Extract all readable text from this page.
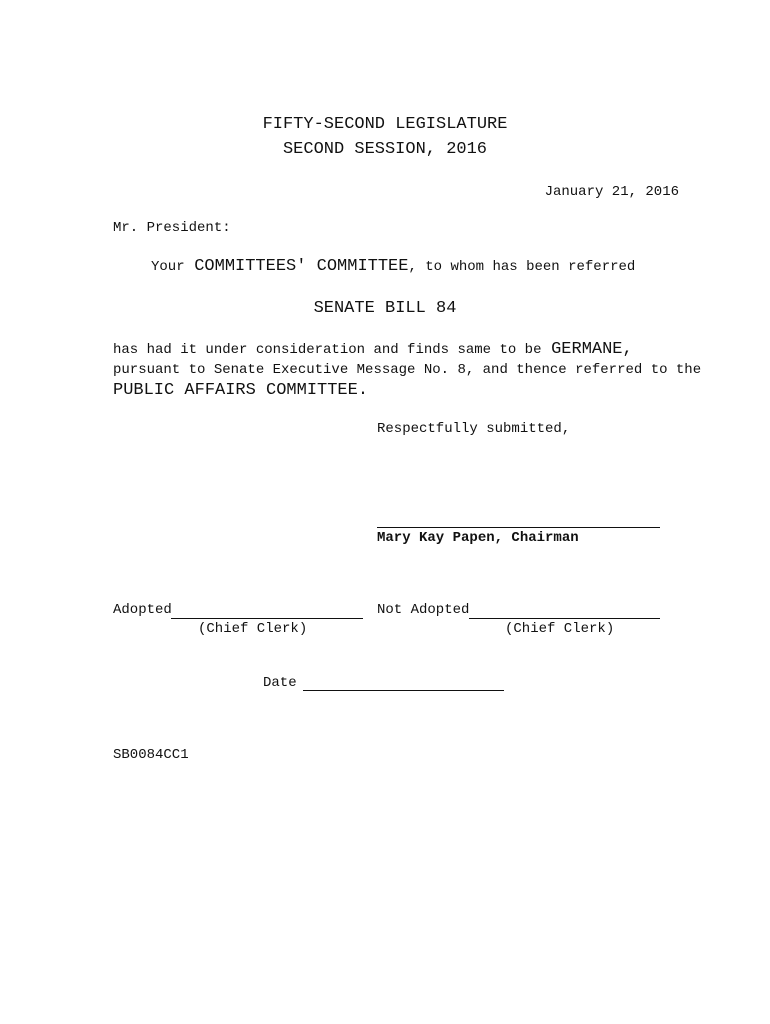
FIFTY-SECOND LEGISLATURE
SECOND SESSION, 2016
January 21, 2016
Mr. President:
Your COMMITTEES' COMMITTEE, to whom has been referred
SENATE BILL 84
has had it under consideration and finds same to be GERMANE,
pursuant to Senate Executive Message No. 8, and thence referred to the
PUBLIC AFFAIRS COMMITTEE.
Respectfully submitted,
Mary Kay Papen, Chairman
Adopted
(Chief Clerk)
Not Adopted
(Chief Clerk)
Date
SB0084CC1
